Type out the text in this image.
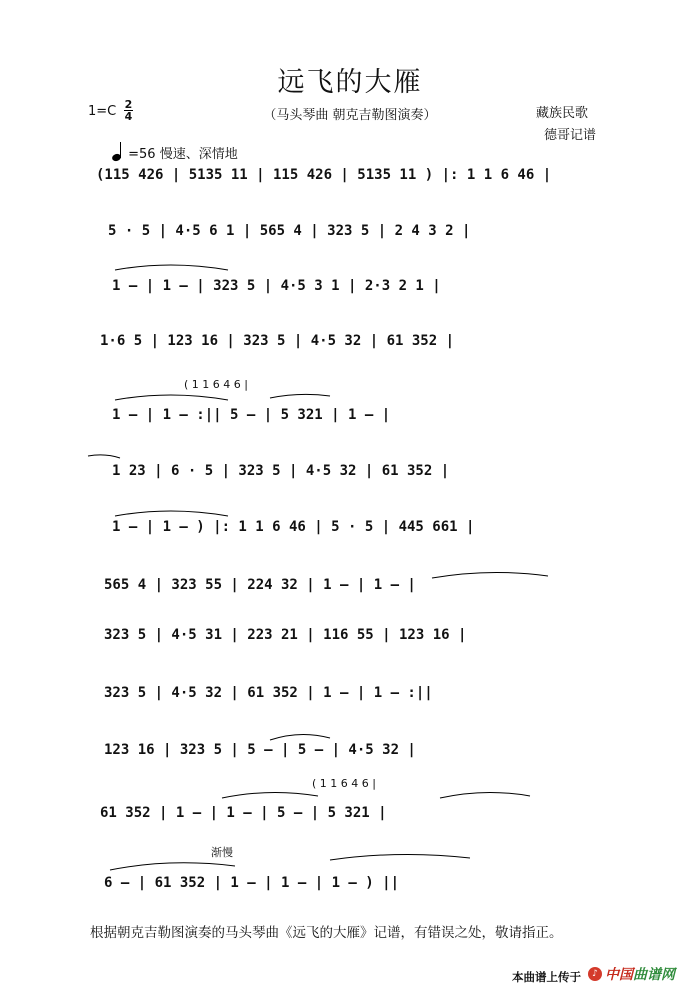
远飞的大雁
（马头琴曲 朝克吉勒图演奏）
1=C 2
4	藏族民歌
德哥记谱
=56 慢速、深情地
(115 426 | 5135 11 | 115 426 | 5135 11 ) |: 1 1 6 46 |
5 · 5 | 4·5 6 1 | 565 4 | 323 5 | 2 4 3 2 |
1 – | 1 – | 323 5 | 4·5 3 1 | 2·3 2 1 |
1·6 5 | 123 16 | 323 5 | 4·5 32 | 61 352 |
1 – | 1 – :|| 5 – | 5 321 | 1 – |
1 23 | 6 · 5 | 323 5 | 4·5 32 | 61 352 |
1 – | 1 – ) |: 1 1 6 46 | 5 · 5 | 445 661 |
565 4 | 323 55 | 224 32 | 1 – | 1 – |
323 5 | 4·5 31 | 223 21 | 116 55 | 123 16 |
323 5 | 4·5 32 | 61 352 | 1 – | 1 – :||
123 16 | 323 5 | 5 – | 5 – | 4·5 32 |
61 352 | 1 – | 1 – | 5 – | 5 321 |
6 – | 61 352 | 1 – | 1 – | 1 – ) ||
( 1 1 6 4 6 |
( 1 1 6 4 6 |
渐慢
根据朝克吉勒图演奏的马头琴曲《远飞的大雁》记谱，有错误之处，敬请指正。
本曲谱上传于	♪ 中国曲谱网
